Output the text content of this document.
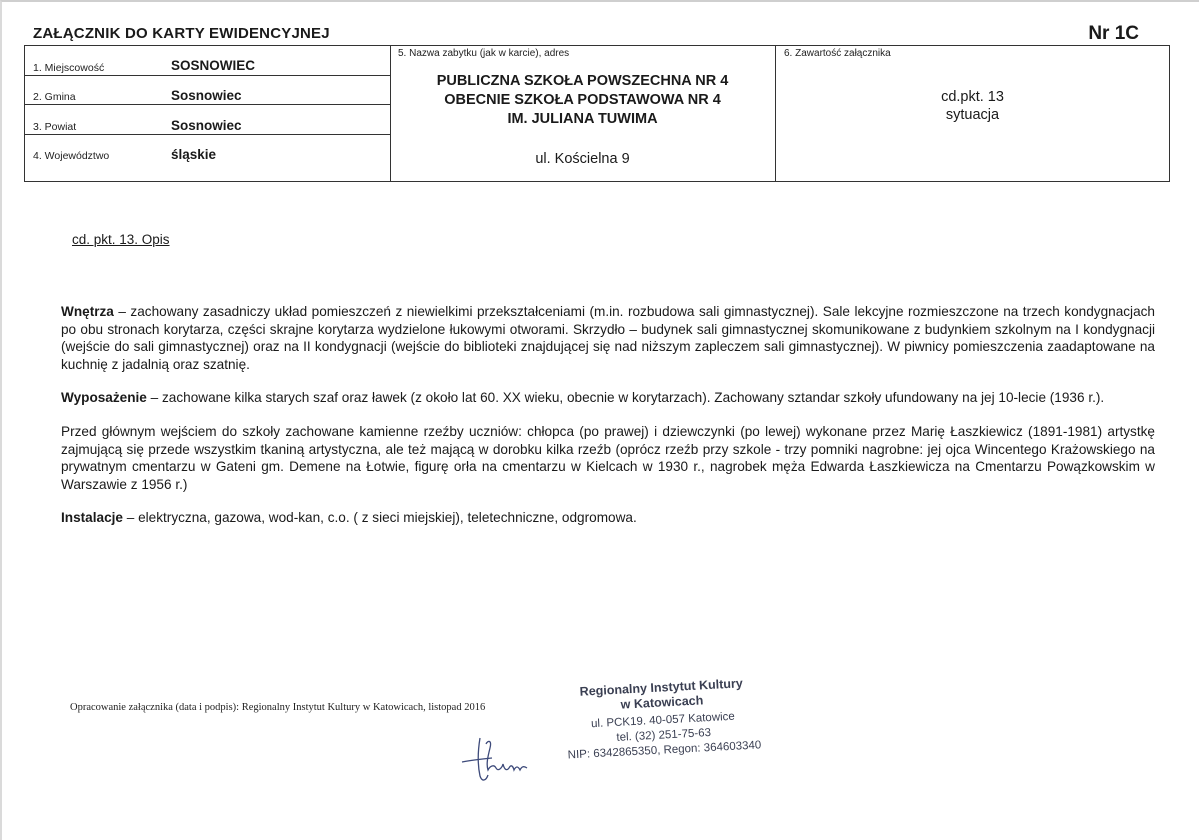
ZAŁĄCZNIK DO KARTY EWIDENCYJNEJ	Nr 1C
1. Miejscowość	SOSNOWIEC
2. Gmina	Sosnowiec
3. Powiat	Sosnowiec
4. Województwo	śląskie
5. Nazwa zabytku (jak w karcie), adres
PUBLICZNA SZKOŁA POWSZECHNA NR 4
OBECNIE SZKOŁA PODSTAWOWA NR 4
IM. JULIANA TUWIMA
ul. Kościelna 9
6. Zawartość załącznika
cd.pkt. 13
sytuacja
cd. pkt. 13. Opis

Wnętrza – zachowany zasadniczy układ pomieszczeń z niewielkimi przekształceniami (m.in. rozbudowa sali gimnastycznej). Sale lekcyjne rozmieszczone na trzech kondygnacjach po obu stronach korytarza, części skrajne korytarza wydzielone łukowymi otworami. Skrzydło – budynek sali gimnastycznej skomunikowane z budynkiem szkolnym na I kondygnacji (wejście do sali gimnastycznej) oraz na II kondygnacji (wejście do biblioteki znajdującej się nad niższym zapleczem sali gimnastycznej). W piwnicy pomieszczenia zaadaptowane na kuchnię z jadalnią oraz szatnię.

Wyposażenie – zachowane kilka starych szaf oraz ławek (z około lat 60. XX wieku, obecnie w korytarzach). Zachowany sztandar szkoły ufundowany na jej 10-lecie (1936 r.).

Przed głównym wejściem do szkoły zachowane kamienne rzeźby uczniów: chłopca (po prawej) i dziewczynki (po lewej) wykonane przez Marię Łaszkiewicz (1891-1981) artystkę zajmującą się przede wszystkim tkaniną artystyczna, ale też mającą w dorobku kilka rzeźb (oprócz rzeźb przy szkole - trzy pomniki nagrobne: jej ojca Wincentego Krażowskiego na prywatnym cmentarzu w Gateni gm. Demene na Łotwie, figurę orła na cmentarzu w Kielcach w 1930 r., nagrobek męża Edwarda Łaszkiewicza na Cmentarzu Powązkowskim w Warszawie z 1956 r.)

Instalacje – elektryczna, gazowa, wod-kan, c.o. ( z sieci miejskiej), teletechniczne, odgromowa.

Opracowanie załącznika (data i podpis): Regionalny Instytut Kultury w Katowicach, listopad 2016
Regionalny Instytut Kultury
w Katowicach
ul. PCK19. 40-057 Katowice
tel. (32) 251-75-63
NIP: 6342865350, Regon: 364603340
